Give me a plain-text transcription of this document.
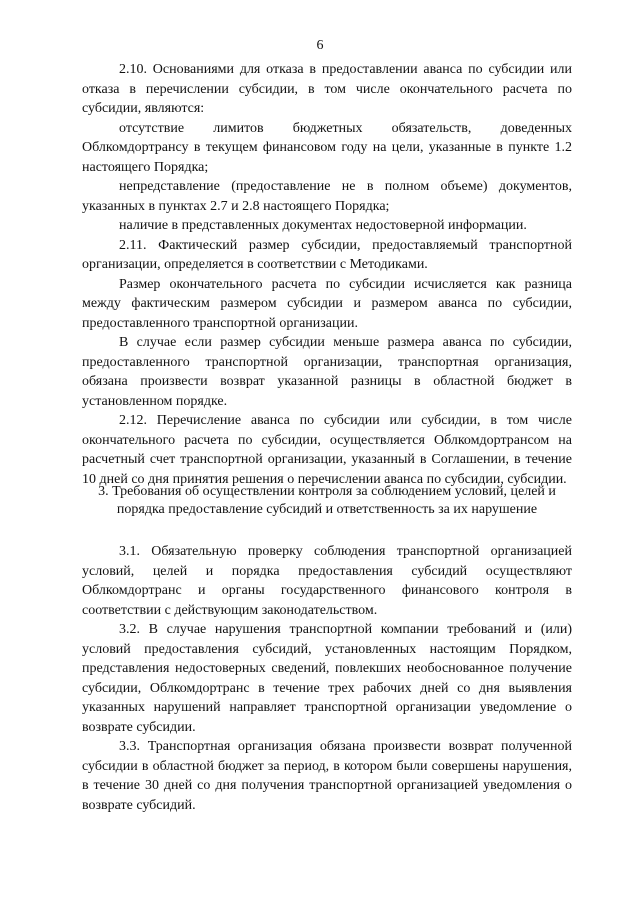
6

2.10. Основаниями для отказа в предоставлении аванса по субсидии или отказа в перечислении субсидии, в том числе окончательного расчета по субсидии, являются:

отсутствие лимитов бюджетных обязательств, доведенных Облкомдортрансу в текущем финансовом году на цели, указанные в пункте 1.2 настоящего Порядка;

непредставление (предоставление не в полном объеме) документов, указанных в пунктах 2.7 и 2.8 настоящего Порядка;

наличие в представленных документах недостоверной информации.

2.11. Фактический размер субсидии, предоставляемый транспортной организации, определяется в соответствии с Методиками.

Размер окончательного расчета по субсидии исчисляется как разница между фактическим размером субсидии и размером аванса по субсидии, предоставленного транспортной организации.

В случае если размер субсидии меньше размера аванса по субсидии, предоставленного транспортной организации, транспортная организация, обязана произвести возврат указанной разницы в областной бюджет в установленном порядке.

2.12. Перечисление аванса по субсидии или субсидии, в том числе окончательного расчета по субсидии, осуществляется Облкомдортрансом на расчетный счет транспортной организации, указанный в Соглашении, в течение 10 дней со дня принятия решения о перечислении аванса по субсидии, субсидии.

3. Требования об осуществлении контроля за соблюдением условий, целей и порядка предоставление субсидий и ответственность за их нарушение

3.1. Обязательную проверку соблюдения транспортной организацией условий, целей и порядка предоставления субсидий осуществляют Облкомдортранс и органы государственного финансового контроля в соответствии с действующим законодательством.

3.2. В случае нарушения транспортной компании требований и (или) условий предоставления субсидий, установленных настоящим Порядком, представления недостоверных сведений, повлекших необоснованное получение субсидии, Облкомдортранс в течение трех рабочих дней со дня выявления указанных нарушений направляет транспортной организации уведомление о возврате субсидии.

3.3. Транспортная организация обязана произвести возврат полученной субсидии в областной бюджет за период, в котором были совершены нарушения, в течение 30 дней со дня получения транспортной организацией уведомления о возврате субсидий.
